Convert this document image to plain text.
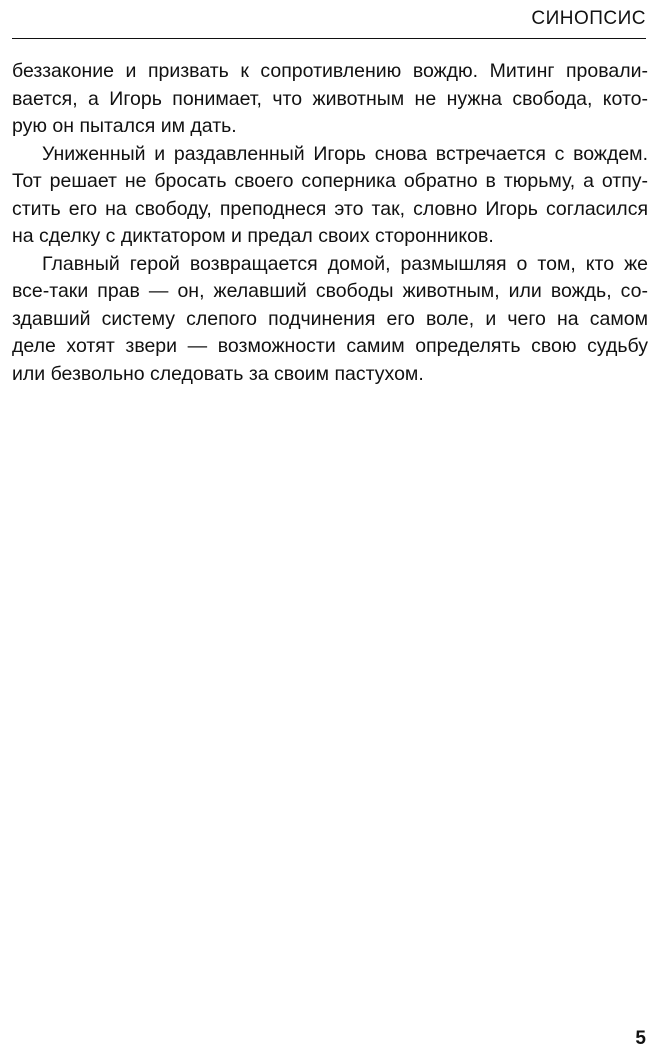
СИНОПСИС
беззаконие и призвать к сопротивлению вождю. Митинг провали-
вается, а Игорь понимает, что животным не нужна свобода, кото-
рую он пытался им дать.
Униженный и раздавленный Игорь снова встречается с вождем.
Тот решает не бросать своего соперника обратно в тюрьму, а отпу-
стить его на свободу, преподнеся это так, словно Игорь согласился
на сделку с диктатором и предал своих сторонников.
Главный герой возвращается домой, размышляя о том, кто же
все-таки прав — он, желавший свободы животным, или вождь, со-
здавший систему слепого подчинения его воле, и чего на самом
деле хотят звери — возможности самим определять свою судьбу
или безвольно следовать за своим пастухом.
5
